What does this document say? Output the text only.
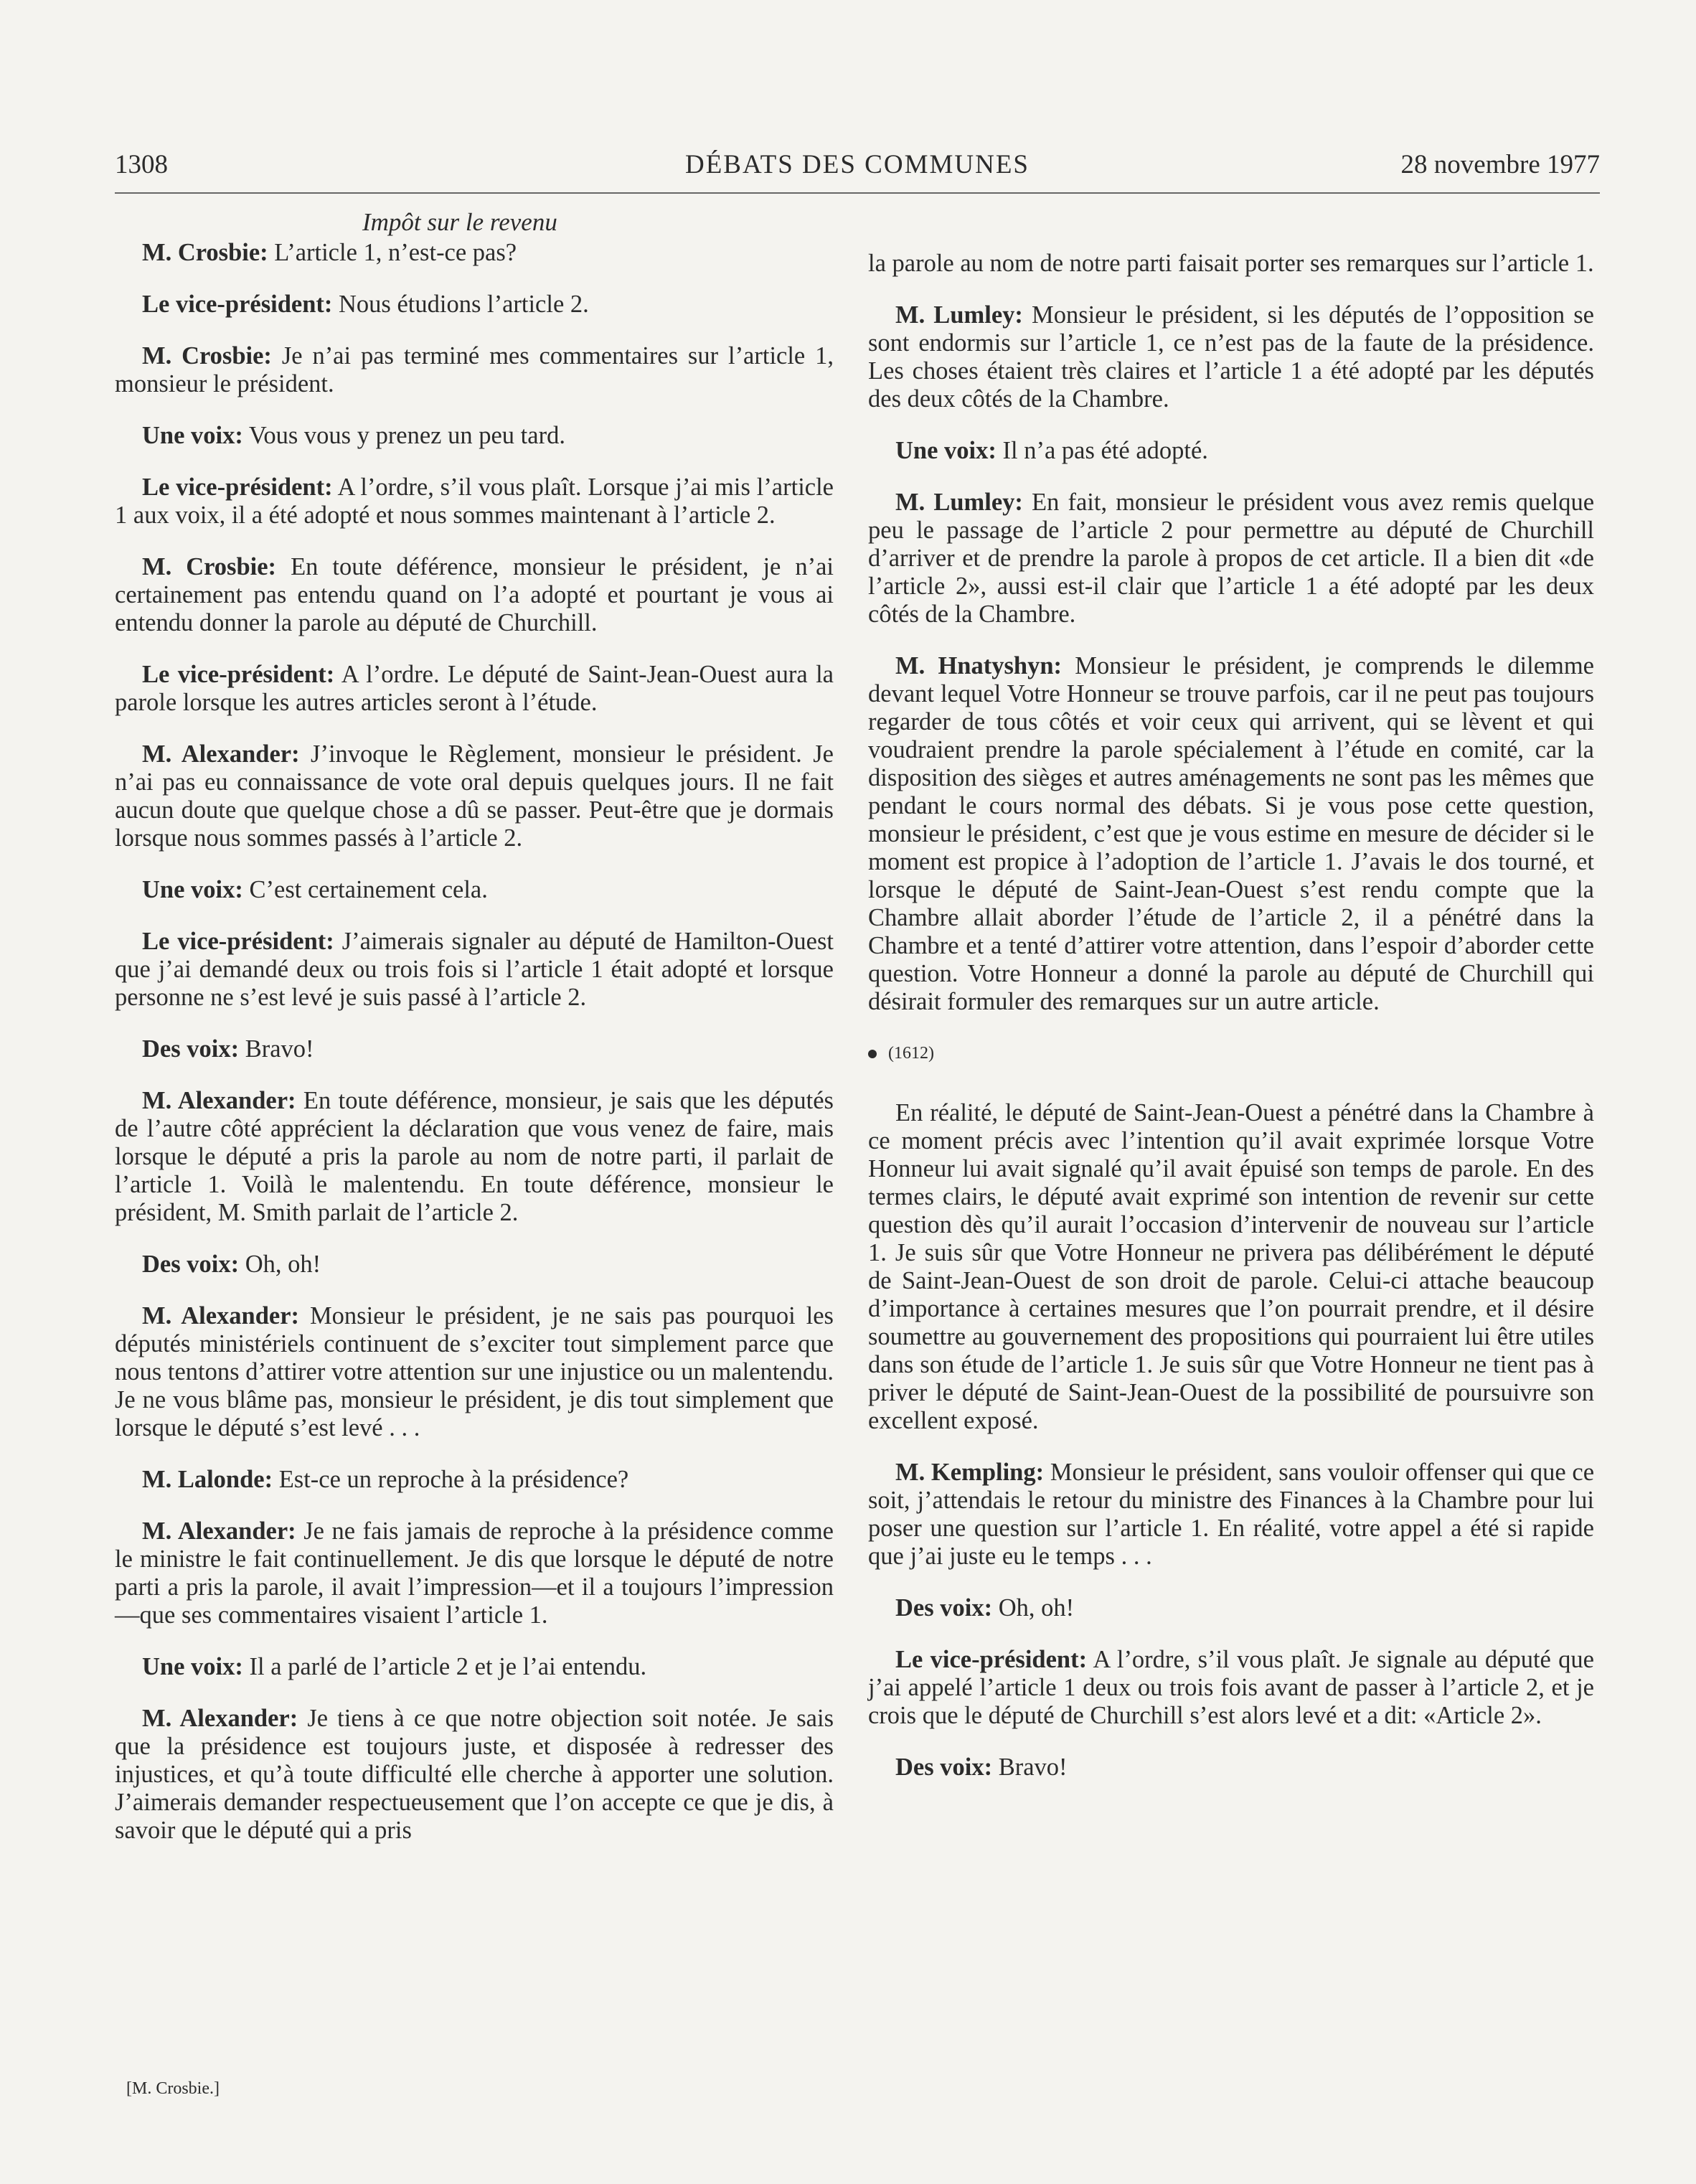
1308	DÉBATS DES COMMUNES	28 novembre 1977
Impôt sur le revenu

M. Crosbie: L’article 1, n’est-ce pas?

Le vice-président: Nous étudions l’article 2.

M. Crosbie: Je n’ai pas terminé mes commentaires sur l’article 1, monsieur le président.

Une voix: Vous vous y prenez un peu tard.

Le vice-président: A l’ordre, s’il vous plaît. Lorsque j’ai mis l’article 1 aux voix, il a été adopté et nous sommes maintenant à l’article 2.

M. Crosbie: En toute déférence, monsieur le président, je n’ai certainement pas entendu quand on l’a adopté et pourtant je vous ai entendu donner la parole au député de Churchill.

Le vice-président: A l’ordre. Le député de Saint-Jean-Ouest aura la parole lorsque les autres articles seront à l’étude.

M. Alexander: J’invoque le Règlement, monsieur le président. Je n’ai pas eu connaissance de vote oral depuis quelques jours. Il ne fait aucun doute que quelque chose a dû se passer. Peut-être que je dormais lorsque nous sommes passés à l’article 2.

Une voix: C’est certainement cela.

Le vice-président: J’aimerais signaler au député de Hamilton-Ouest que j’ai demandé deux ou trois fois si l’article 1 était adopté et lorsque personne ne s’est levé je suis passé à l’article 2.

Des voix: Bravo!

M. Alexander: En toute déférence, monsieur, je sais que les députés de l’autre côté apprécient la déclaration que vous venez de faire, mais lorsque le député a pris la parole au nom de notre parti, il parlait de l’article 1. Voilà le malentendu. En toute déférence, monsieur le président, M. Smith parlait de l’article 2.

Des voix: Oh, oh!

M. Alexander: Monsieur le président, je ne sais pas pourquoi les députés ministériels continuent de s’exciter tout simplement parce que nous tentons d’attirer votre attention sur une injustice ou un malentendu. Je ne vous blâme pas, monsieur le président, je dis tout simplement que lorsque le député s’est levé . . .

M. Lalonde: Est-ce un reproche à la présidence?

M. Alexander: Je ne fais jamais de reproche à la présidence comme le ministre le fait continuellement. Je dis que lorsque le député de notre parti a pris la parole, il avait l’impression—et il a toujours l’impression—que ses commentaires visaient l’article 1.

Une voix: Il a parlé de l’article 2 et je l’ai entendu.

M. Alexander: Je tiens à ce que notre objection soit notée. Je sais que la présidence est toujours juste, et disposée à redresser des injustices, et qu’à toute difficulté elle cherche à apporter une solution. J’aimerais demander respectueusement que l’on accepte ce que je dis, à savoir que le député qui a pris

la parole au nom de notre parti faisait porter ses remarques sur l’article 1.

M. Lumley: Monsieur le président, si les députés de l’opposition se sont endormis sur l’article 1, ce n’est pas de la faute de la présidence. Les choses étaient très claires et l’article 1 a été adopté par les députés des deux côtés de la Chambre.

Une voix: Il n’a pas été adopté.

M. Lumley: En fait, monsieur le président vous avez remis quelque peu le passage de l’article 2 pour permettre au député de Churchill d’arriver et de prendre la parole à propos de cet article. Il a bien dit «de l’article 2», aussi est-il clair que l’article 1 a été adopté par les deux côtés de la Chambre.

M. Hnatyshyn: Monsieur le président, je comprends le dilemme devant lequel Votre Honneur se trouve parfois, car il ne peut pas toujours regarder de tous côtés et voir ceux qui arrivent, qui se lèvent et qui voudraient prendre la parole spécialement à l’étude en comité, car la disposition des sièges et autres aménagements ne sont pas les mêmes que pendant le cours normal des débats. Si je vous pose cette question, monsieur le président, c’est que je vous estime en mesure de décider si le moment est propice à l’adoption de l’article 1. J’avais le dos tourné, et lorsque le député de Saint-Jean-Ouest s’est rendu compte que la Chambre allait aborder l’étude de l’article 2, il a pénétré dans la Chambre et a tenté d’attirer votre attention, dans l’espoir d’aborder cette question. Votre Honneur a donné la parole au député de Churchill qui désirait formuler des remarques sur un autre article.

(1612)

En réalité, le député de Saint-Jean-Ouest a pénétré dans la Chambre à ce moment précis avec l’intention qu’il avait exprimée lorsque Votre Honneur lui avait signalé qu’il avait épuisé son temps de parole. En des termes clairs, le député avait exprimé son intention de revenir sur cette question dès qu’il aurait l’occasion d’intervenir de nouveau sur l’article 1. Je suis sûr que Votre Honneur ne privera pas délibérément le député de Saint-Jean-Ouest de son droit de parole. Celui-ci attache beaucoup d’importance à certaines mesures que l’on pourrait prendre, et il désire soumettre au gouvernement des propositions qui pourraient lui être utiles dans son étude de l’article 1. Je suis sûr que Votre Honneur ne tient pas à priver le député de Saint-Jean-Ouest de la possibilité de poursuivre son excellent exposé.

M. Kempling: Monsieur le président, sans vouloir offenser qui que ce soit, j’attendais le retour du ministre des Finances à la Chambre pour lui poser une question sur l’article 1. En réalité, votre appel a été si rapide que j’ai juste eu le temps . . .

Des voix: Oh, oh!

Le vice-président: A l’ordre, s’il vous plaît. Je signale au député que j’ai appelé l’article 1 deux ou trois fois avant de passer à l’article 2, et je crois que le député de Churchill s’est alors levé et a dit: «Article 2».

Des voix: Bravo!

[M. Crosbie.]
